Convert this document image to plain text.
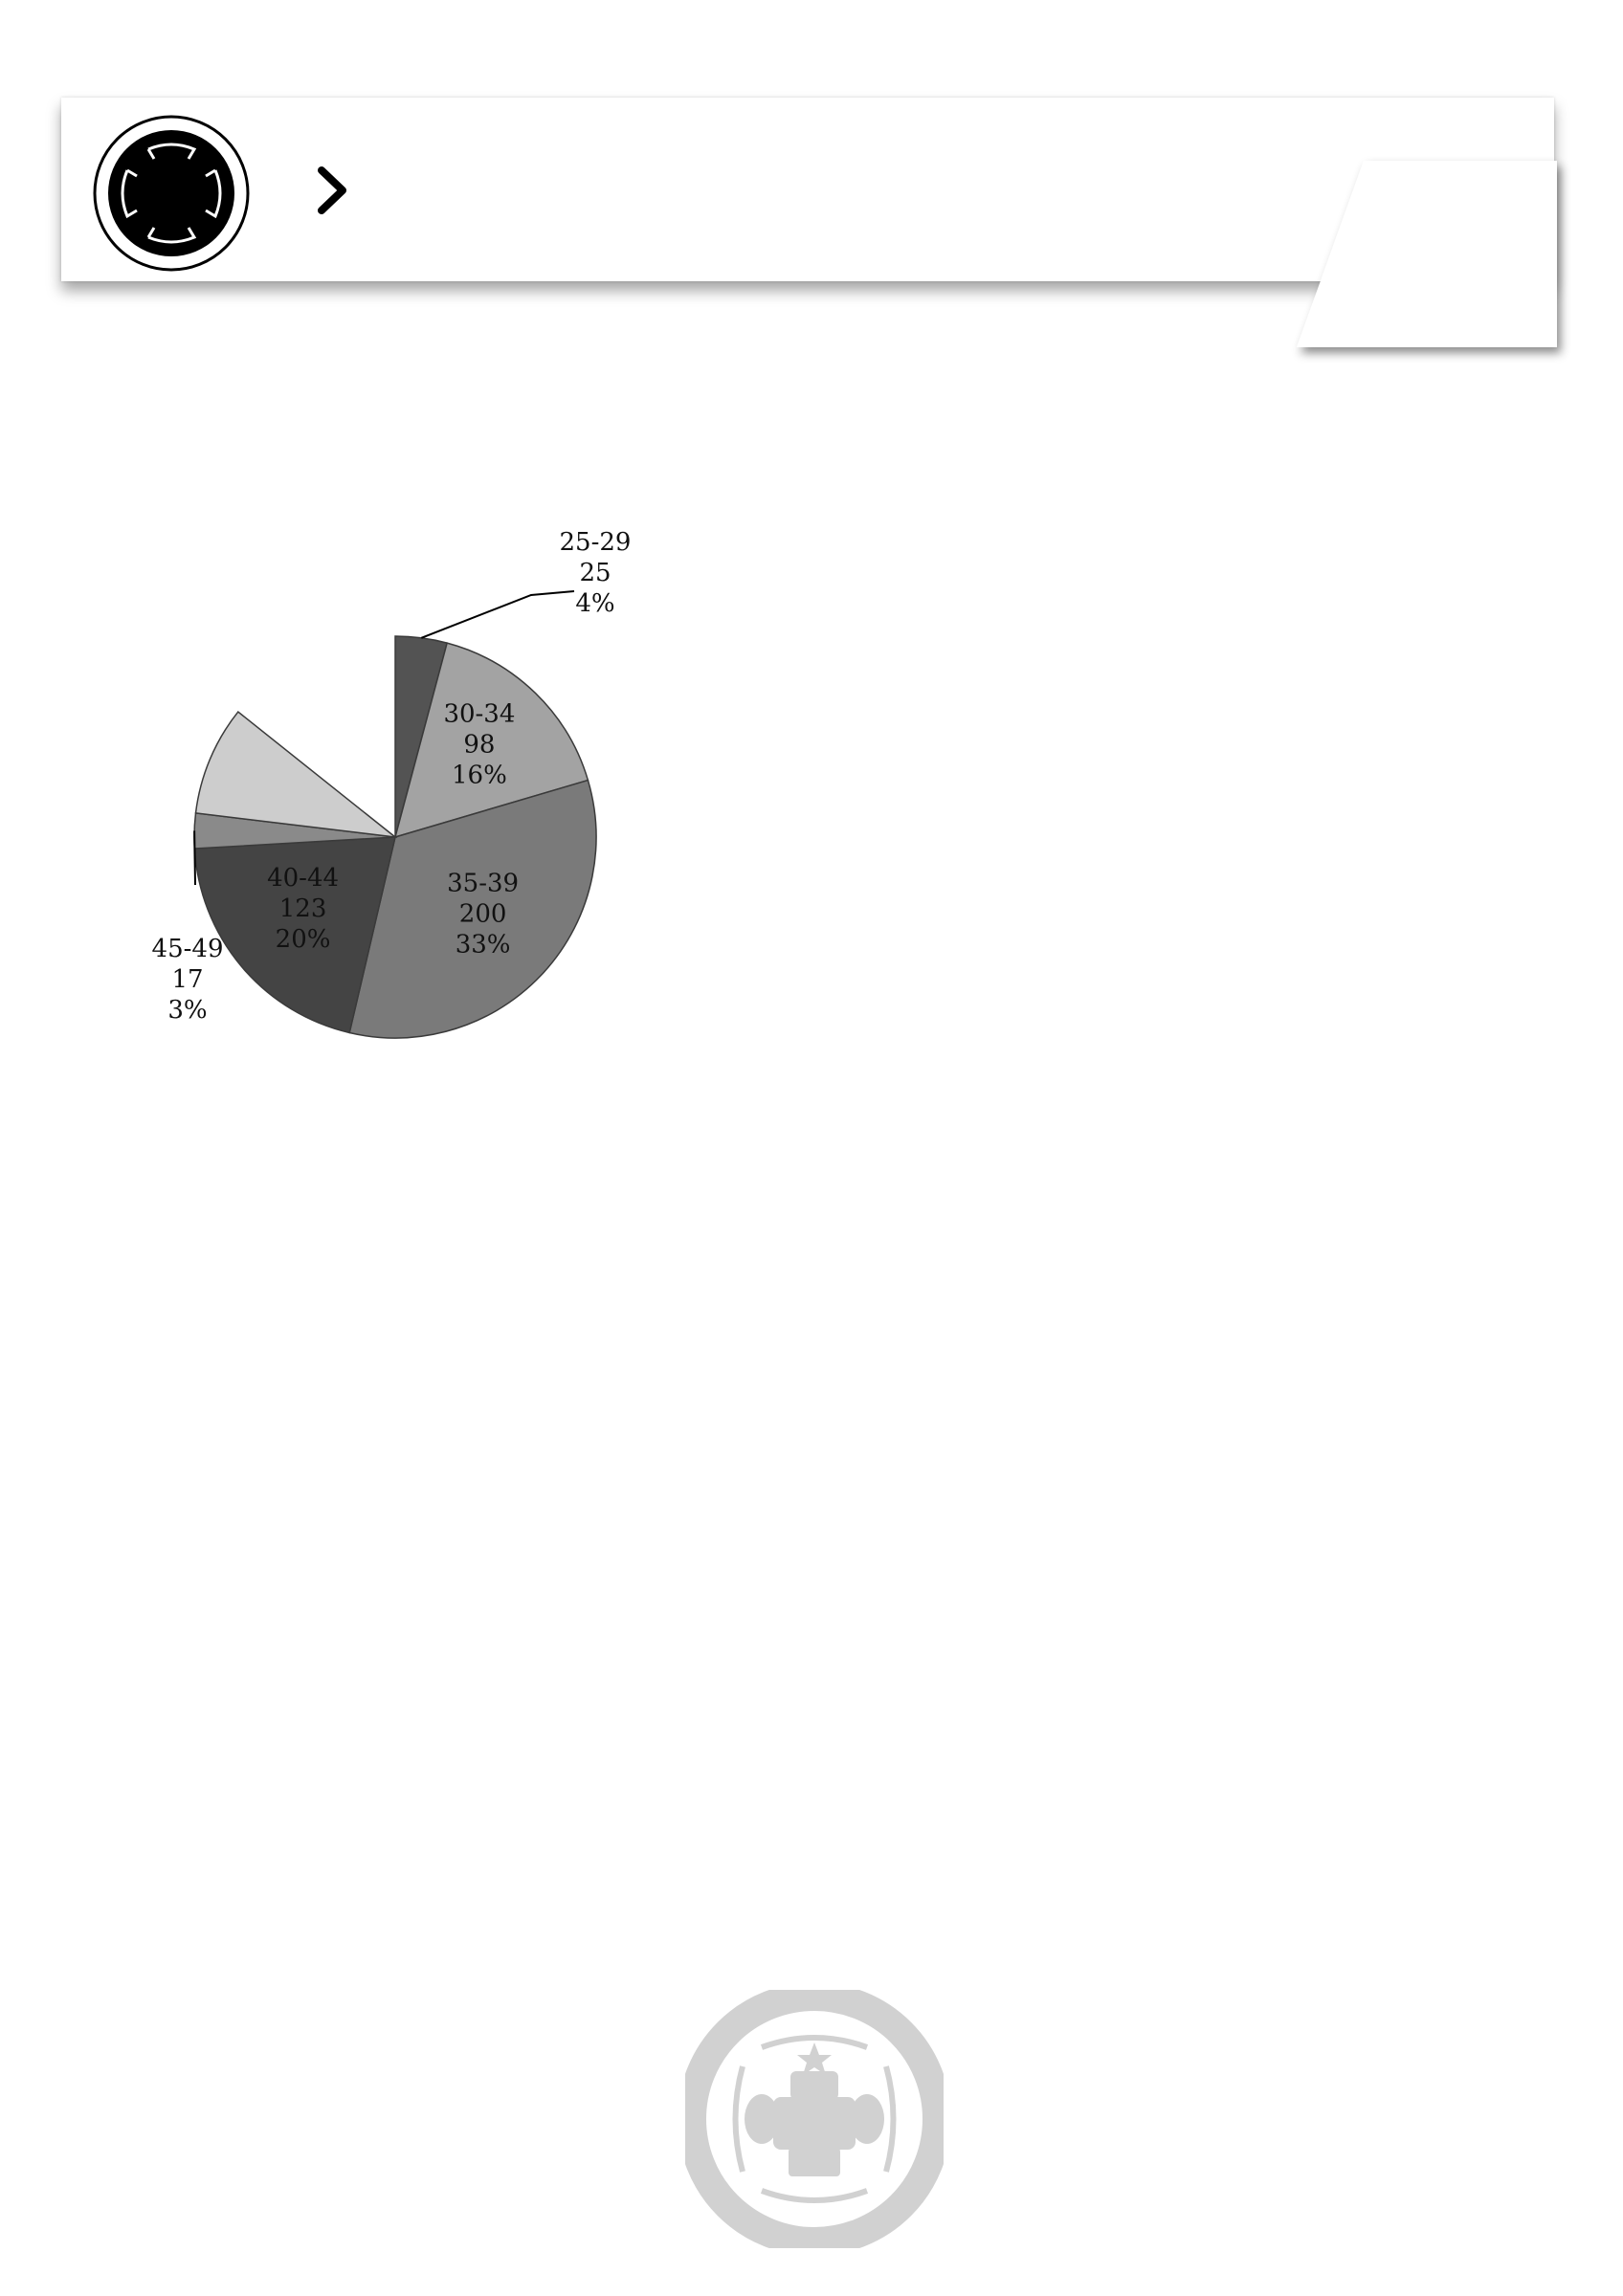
25-29 25 4%
30-34 98 16%
35-39 200 33%
40-44 123 20%
45-49 17 3%
